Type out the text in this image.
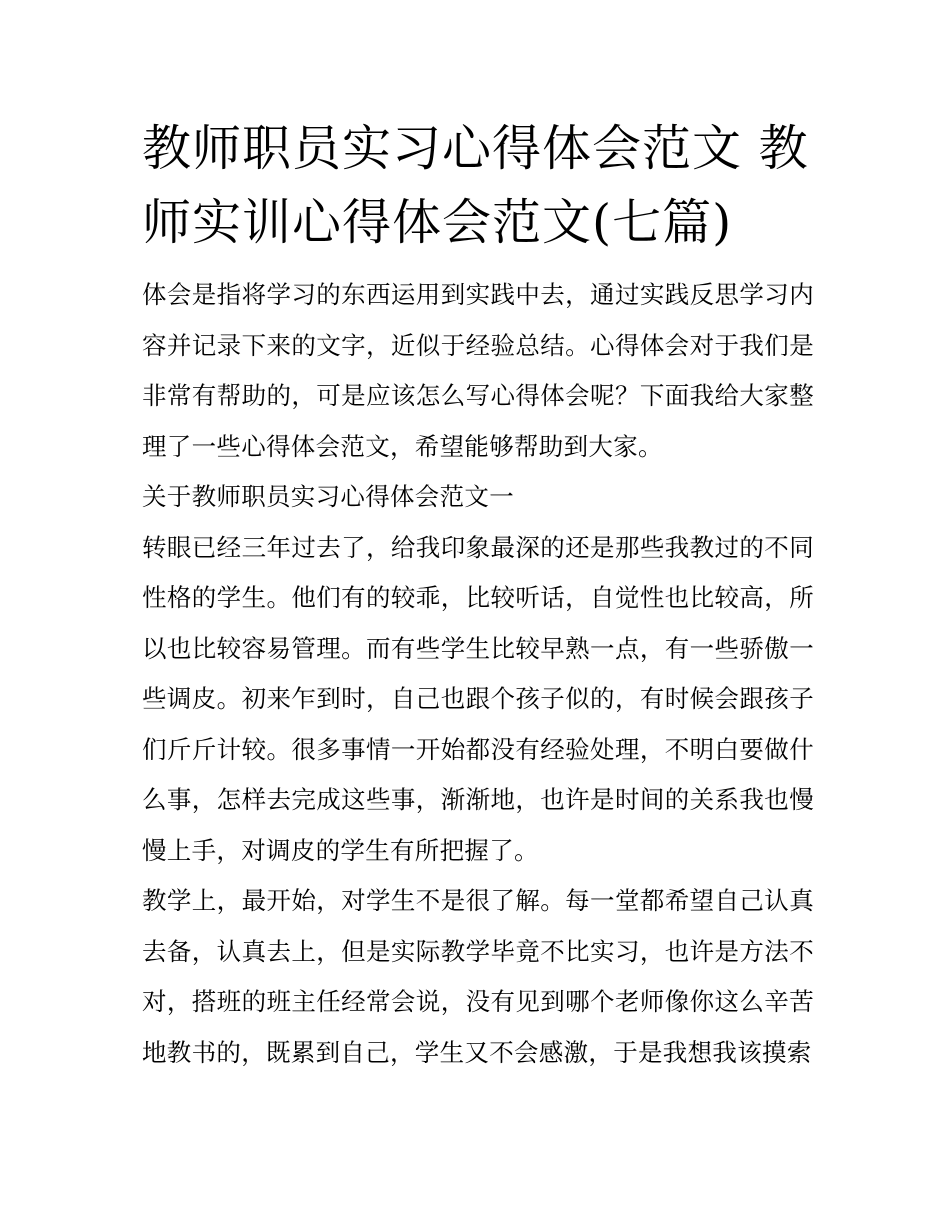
教师职员实习心得体会范文 教师实训心得体会范文(七篇)

体会是指将学习的东西运用到实践中去，通过实践反思学习内容并记录下来的文字，近似于经验总结。心得体会对于我们是非常有帮助的，可是应该怎么写心得体会呢？下面我给大家整理了一些心得体会范文，希望能够帮助到大家。

关于教师职员实习心得体会范文一

转眼已经三年过去了，给我印象最深的还是那些我教过的不同性格的学生。他们有的较乖，比较听话，自觉性也比较高，所以也比较容易管理。而有些学生比较早熟一点，有一些骄傲一些调皮。初来乍到时，自己也跟个孩子似的，有时候会跟孩子们斤斤计较。很多事情一开始都没有经验处理，不明白要做什么事，怎样去完成这些事，渐渐地，也许是时间的关系我也慢慢上手，对调皮的学生有所把握了。

教学上，最开始，对学生不是很了解。每一堂都希望自己认真去备，认真去上，但是实际教学毕竟不比实习，也许是方法不对，搭班的班主任经常会说，没有见到哪个老师像你这么辛苦地教书的，既累到自己，学生又不会感激，于是我想我该摸索
